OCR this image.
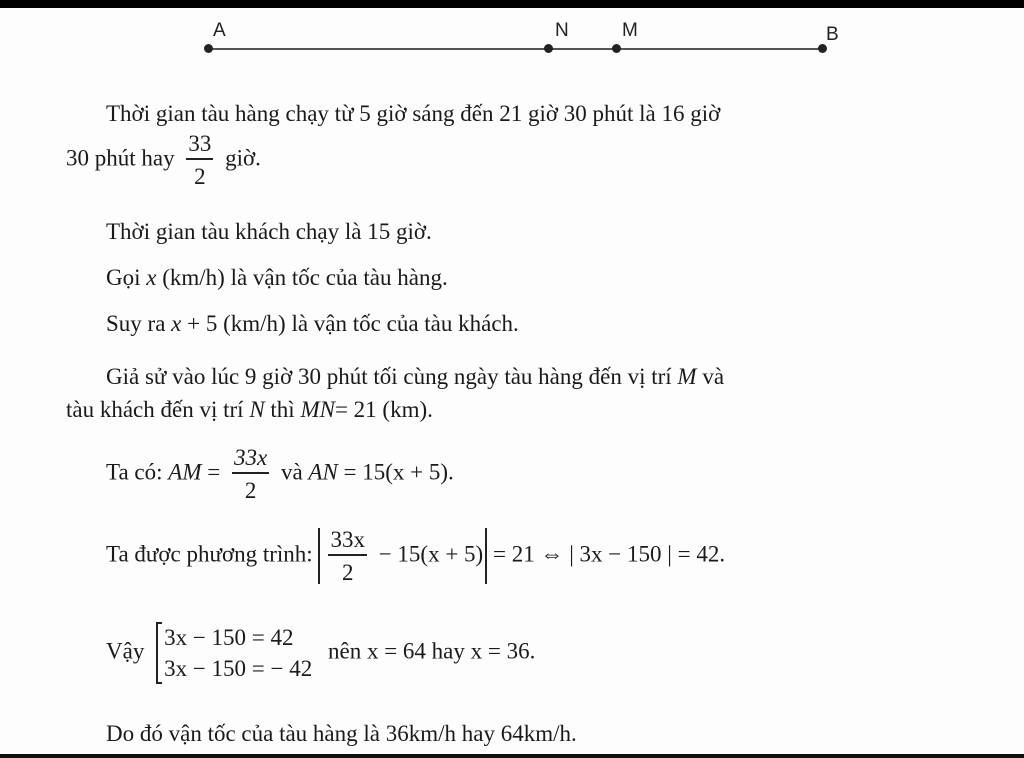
A	N	M	B
Thời gian tàu hàng chạy từ 5 giờ sáng đến 21 giờ 30 phút là 16 giờ
30 phút hay $\frac{33}{2}$ giờ.
Thời gian tàu khách chạy là 15 giờ.
Gọi x (km/h) là vận tốc của tàu hàng.
Suy ra x + 5 (km/h) là vận tốc của tàu khách.
Giả sử vào lúc 9 giờ 30 phút tối cùng ngày tàu hàng đến vị trí M và
tàu khách đến vị trí N thì MN= 21 (km).
Ta có: AM = $\frac{33x}{2}$ và AN = 15(x + 5).
Ta được phương trình: $\frac{33x}{2} - 15(x + 5) = 21$ ⇔ | 3x − 150 | = 42.
Vậy
3x − 150 = 42
3x − 150 = − 42
nên x = 64 hay x = 36.
Do đó vận tốc của tàu hàng là 36km/h hay 64km/h.
